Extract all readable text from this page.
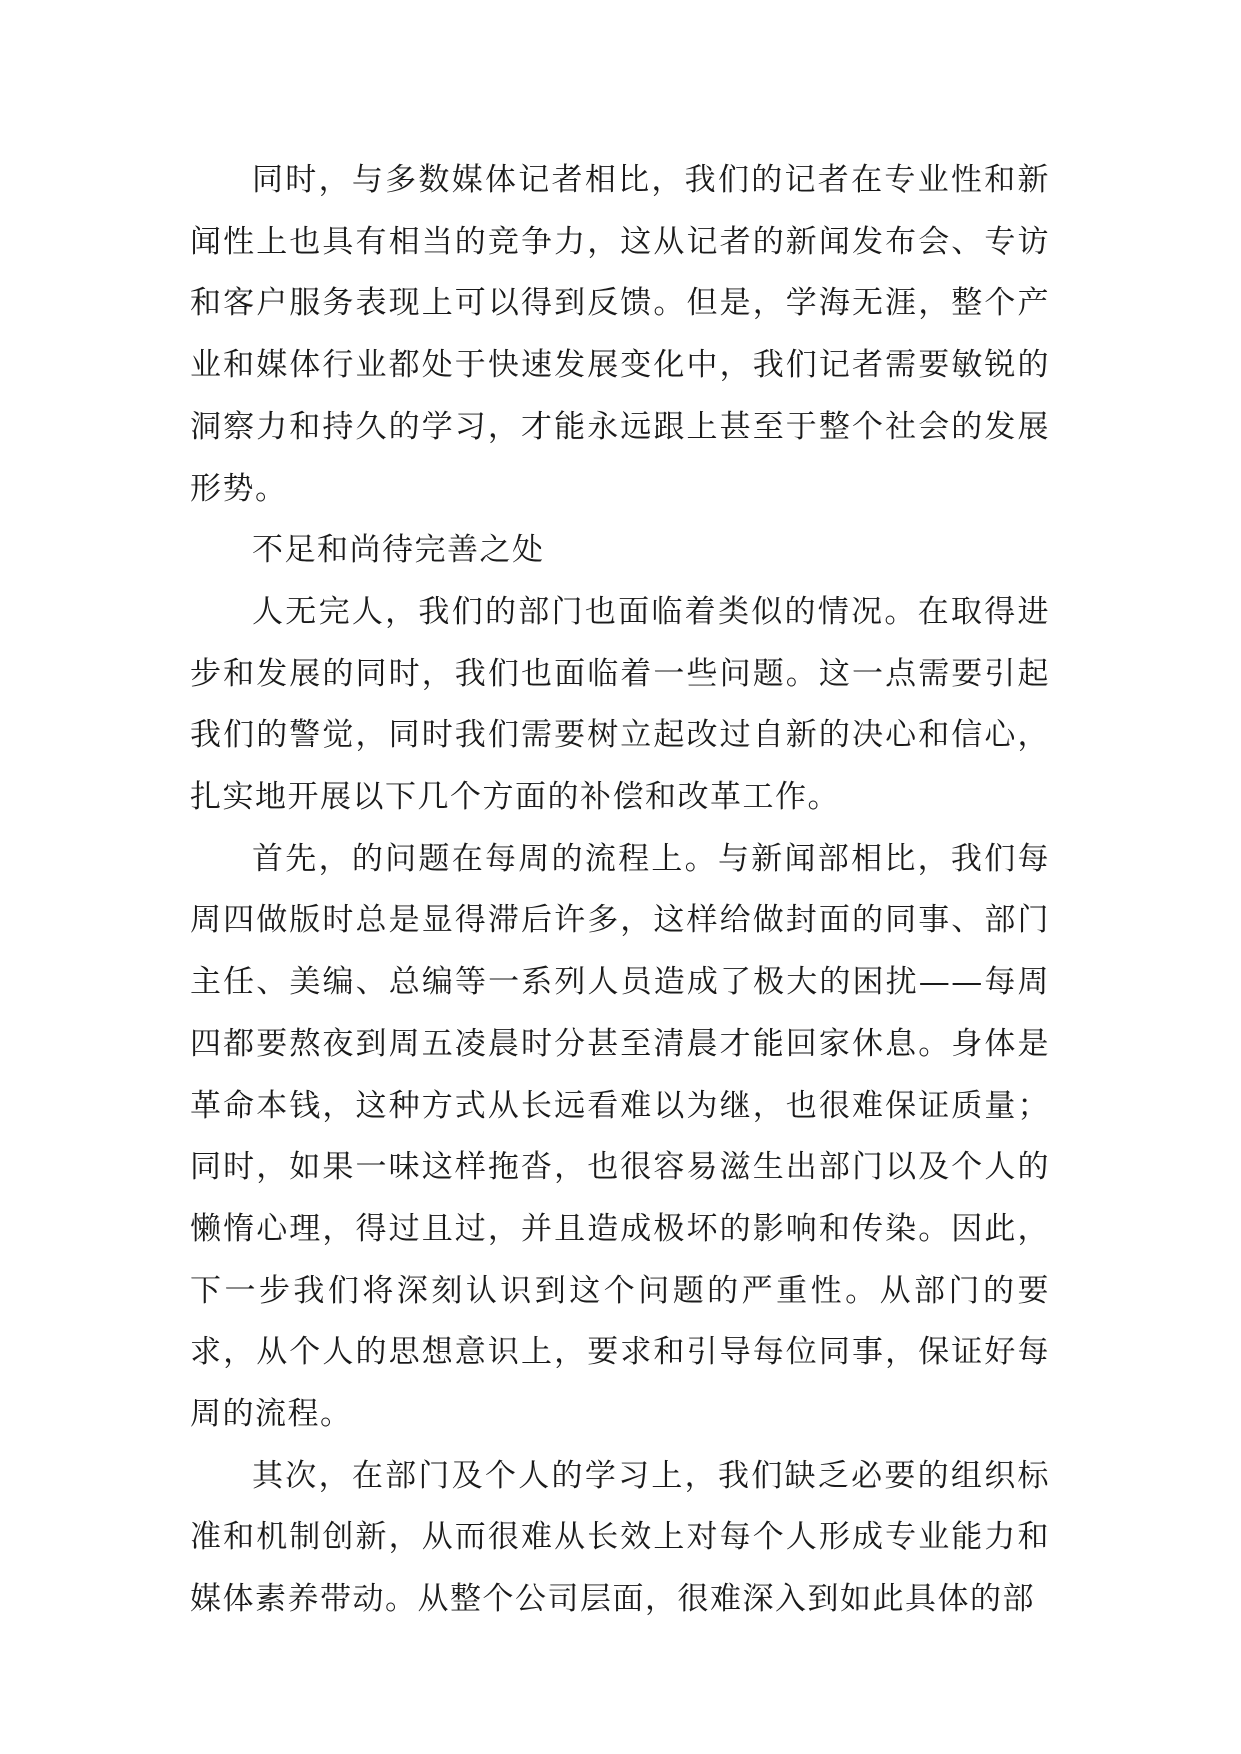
同时，与多数媒体记者相比，我们的记者在专业性和新闻性上也具有相当的竞争力，这从记者的新闻发布会、专访和客户服务表现上可以得到反馈。但是，学海无涯，整个产业和媒体行业都处于快速发展变化中，我们记者需要敏锐的洞察力和持久的学习，才能永远跟上甚至于整个社会的发展形势。

不足和尚待完善之处

人无完人，我们的部门也面临着类似的情况。在取得进步和发展的同时，我们也面临着一些问题。这一点需要引起我们的警觉，同时我们需要树立起改过自新的决心和信心，扎实地开展以下几个方面的补偿和改革工作。

首先，的问题在每周的流程上。与新闻部相比，我们每周四做版时总是显得滞后许多，这样给做封面的同事、部门主任、美编、总编等一系列人员造成了极大的困扰——每周四都要熬夜到周五凌晨时分甚至清晨才能回家休息。身体是革命本钱，这种方式从长远看难以为继，也很难保证质量；同时，如果一味这样拖沓，也很容易滋生出部门以及个人的懒惰心理，得过且过，并且造成极坏的影响和传染。因此，下一步我们将深刻认识到这个问题的严重性。从部门的要求，从个人的思想意识上，要求和引导每位同事，保证好每周的流程。

其次，在部门及个人的学习上，我们缺乏必要的组织标准和机制创新，从而很难从长效上对每个人形成专业能力和媒体素养带动。从整个公司层面，很难深入到如此具体的部
